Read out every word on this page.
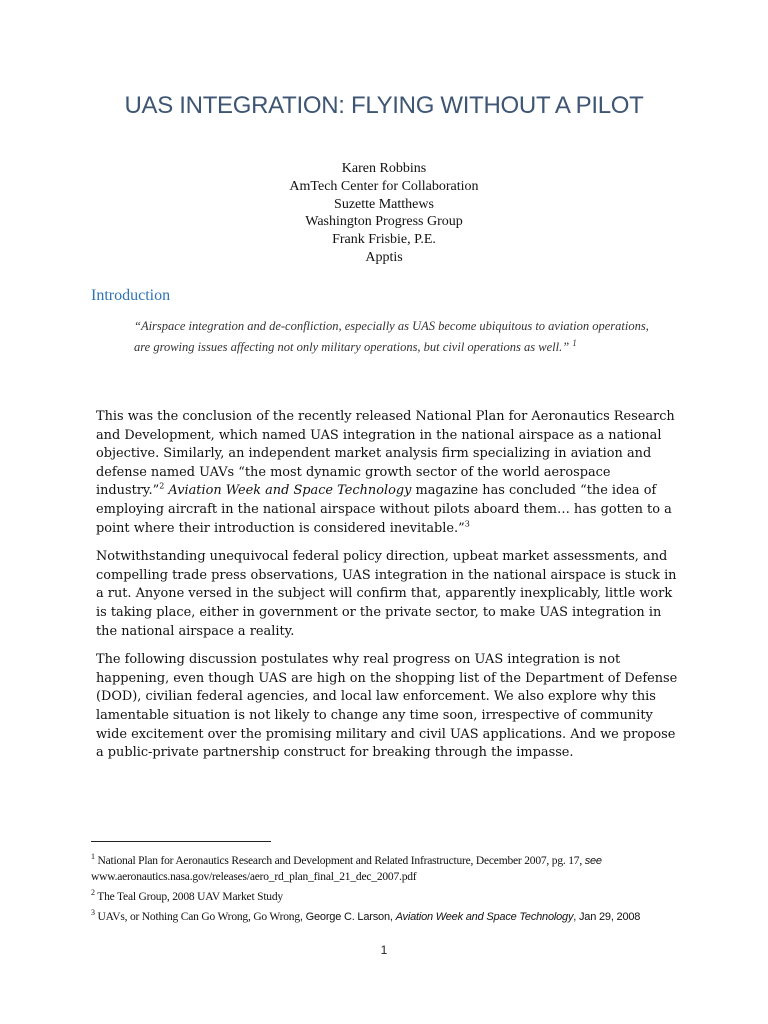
UAS INTEGRATION: FLYING WITHOUT A PILOT
Karen Robbins
AmTech Center for Collaboration
Suzette Matthews
Washington Progress Group
Frank Frisbie, P.E.
Apptis
Introduction
“Airspace integration and de-confliction, especially as UAS become ubiquitous to aviation operations, are growing issues affecting not only military operations, but civil operations as well.” $^1$

This was the conclusion of the recently released National Plan for Aeronautics Research and Development, which named UAS integration in the national airspace as a national objective. Similarly, an independent market analysis firm specializing in aviation and defense named UAVs “the most dynamic growth sector of the world aerospace industry.”$^2$ Aviation Week and Space Technology magazine has concluded “the idea of employing aircraft in the national airspace without pilots aboard them… has gotten to a point where their introduction is considered inevitable.”$^3$

Notwithstanding unequivocal federal policy direction, upbeat market assessments, and compelling trade press observations, UAS integration in the national airspace is stuck in a rut. Anyone versed in the subject will confirm that, apparently inexplicably, little work is taking place, either in government or the private sector, to make UAS integration in the national airspace a reality.

The following discussion postulates why real progress on UAS integration is not happening, even though UAS are high on the shopping list of the Department of Defense (DOD), civilian federal agencies, and local law enforcement. We also explore why this lamentable situation is not likely to change any time soon, irrespective of community wide excitement over the promising military and civil UAS applications. And we propose a public-private partnership construct for breaking through the impasse.

$^1$ National Plan for Aeronautics Research and Development and Related Infrastructure, December 2007, pg. 17, see
www.aeronautics.nasa.gov/releases/aero_rd_plan_final_21_dec_2007.pdf
$^2$ The Teal Group, 2008 UAV Market Study
$^3$ UAVs, or Nothing Can Go Wrong, Go Wrong, George C. Larson, Aviation Week and Space Technology, Jan 29, 2008
1
